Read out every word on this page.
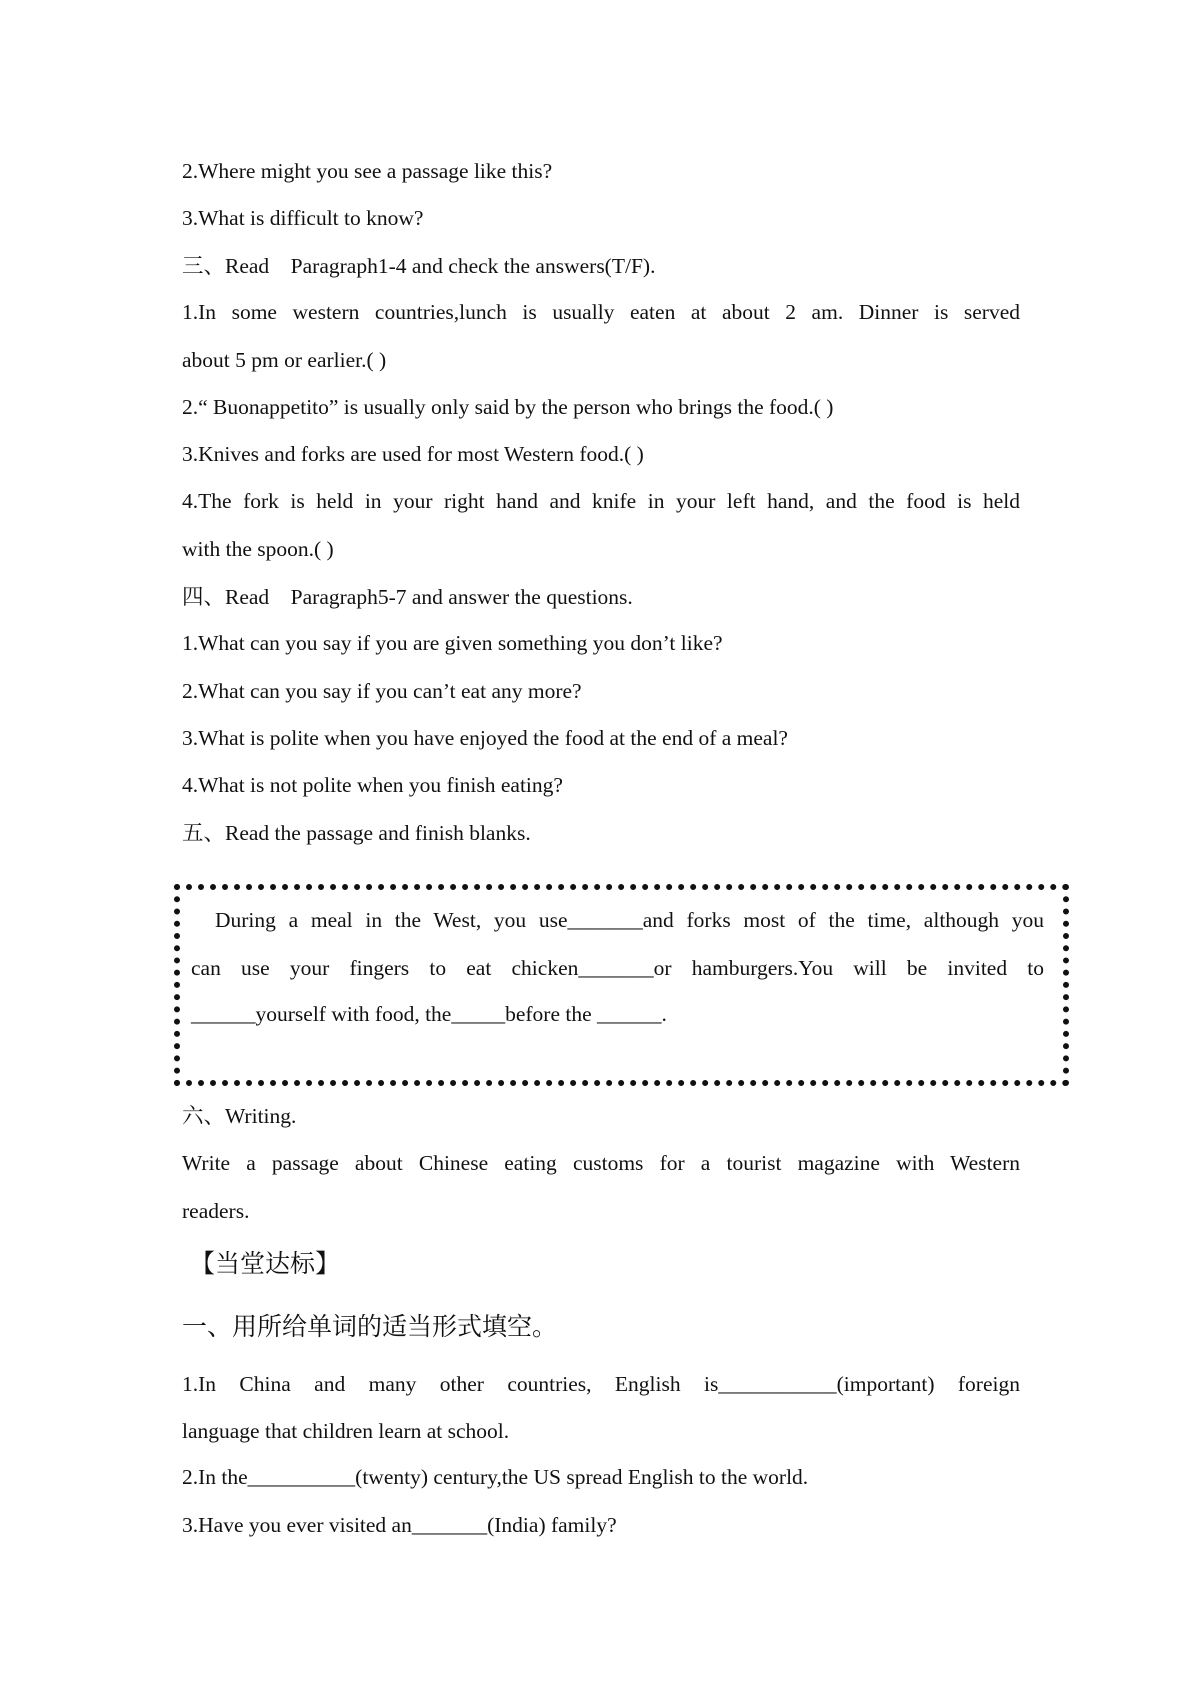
2.Where might you see a passage like this?
3.What is difficult to know?
三、Read　Paragraph1-4 and check the answers(T/F).
1.In some western countries,lunch is usually eaten at about 2 am. Dinner is served
about 5 pm or earlier.( )
2.“ Buonappetito” is usually only said by the person who brings the food.( )
3.Knives and forks are used for most Western food.( )
4.The fork is held in your right hand and knife in your left hand, and the food is held
with the spoon.( )
四、Read　Paragraph5-7 and answer the questions.
1.What can you say if you are given something you don’t like?
2.What can you say if you can’t eat any more?
3.What is polite when you have enjoyed the food at the end of a meal?
4.What is not polite when you finish eating?
五、Read the passage and finish blanks.
During a meal in the West, you use_______and forks most of the time, although you
can use your fingers to eat chicken_______or hamburgers.You will be invited to
______yourself with food, the_____before the ______.
六、Writing.
Write a passage about Chinese eating customs for a tourist magazine with Western
readers.
【当堂达标】
一、用所给单词的适当形式填空。
1.In China and many other countries, English is___________(important) foreign
language that children learn at school.
2.In the__________(twenty) century,the US spread English to the world.
3.Have you ever visited an_______(India) family?
